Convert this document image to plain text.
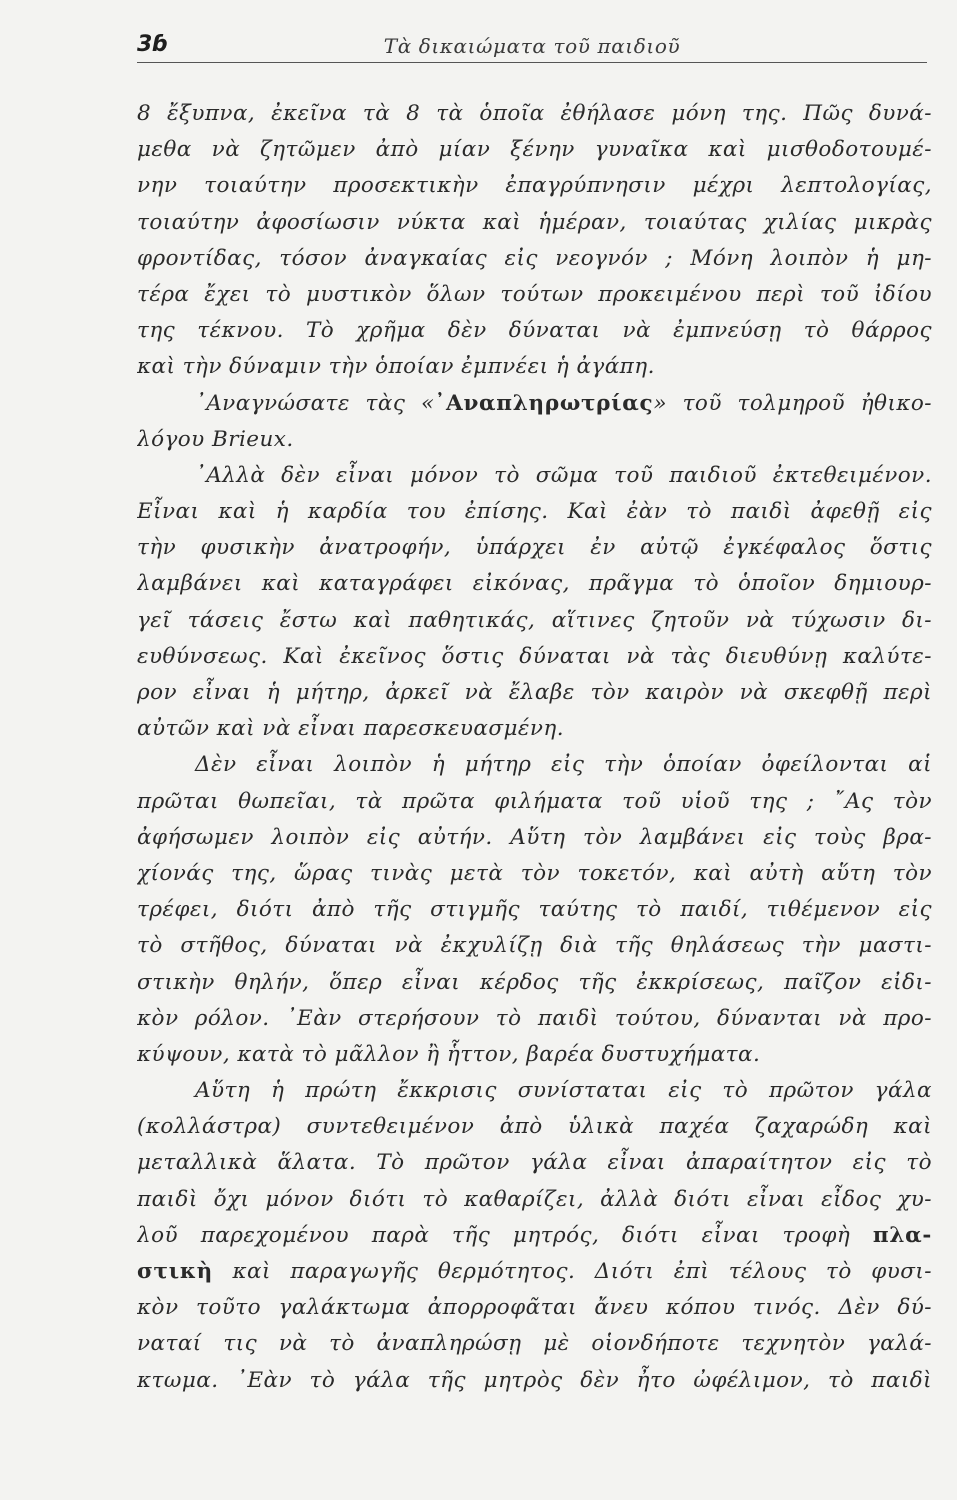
3ɓ	Τὰ δικαιώματα τοῦ παιδιοῦ
8 ἔξυπνα, ἐκεῖνα τὰ 8 τὰ ὁποῖα ἐθήλασε μόνη της. Πῶς δυνά-
μεθα νὰ ζητῶμεν ἀπὸ μίαν ξένην γυναῖκα καὶ μισθοδοτουμέ-
νην τοιαύτην προσεκτικὴν ἐπαγρύπνησιν μέχρι λεπτολογίας,
τοιαύτην ἀφοσίωσιν νύκτα καὶ ἡμέραν, τοιαύτας χιλίας μικρὰς
φροντίδας, τόσον ἀναγκαίας εἰς νεογνόν ; Μόνη λοιπὸν ἡ μη-
τέρα ἔχει τὸ μυστικὸν ὅλων τούτων προκειμένου περὶ τοῦ ἰδίου
της τέκνου. Τὸ χρῆμα δὲν δύναται νὰ ἐμπνεύσῃ τὸ θάρρος
καὶ τὴν δύναμιν τὴν ὁποίαν ἐμπνέει ἡ ἀγάπη.
᾿Αναγνώσατε τὰς «᾿Αναπληρωτρίας» τοῦ τολμηροῦ ἠθικο-
λόγου Brieux.
᾿Αλλὰ δὲν εἶναι μόνον τὸ σῶμα τοῦ παιδιοῦ ἐκτεθειμένον.
Εἶναι καὶ ἡ καρδία του ἐπίσης. Καὶ ἐὰν τὸ παιδὶ ἀφεθῇ εἰς
τὴν φυσικὴν ἀνατροφήν, ὑπάρχει ἐν αὐτῷ ἐγκέφαλος ὅστις
λαμβάνει καὶ καταγράφει εἰκόνας, πρᾶγμα τὸ ὁποῖον δημιουρ-
γεῖ τάσεις ἔστω καὶ παθητικάς, αἵτινες ζητοῦν νὰ τύχωσιν δι-
ευθύνσεως. Καὶ ἐκεῖνος ὅστις δύναται νὰ τὰς διευθύνῃ καλύτε-
ρον εἶναι ἡ μήτηρ, ἀρκεῖ νὰ ἔλαβε τὸν καιρὸν νὰ σκεφθῇ περὶ
αὐτῶν καὶ νὰ εἶναι παρεσκευασμένη.
Δὲν εἶναι λοιπὸν ἡ μήτηρ εἰς τὴν ὁποίαν ὀφείλονται αἱ
πρῶται θωπεῖαι, τὰ πρῶτα φιλήματα τοῦ υἱοῦ της ; ῎Ας τὸν
ἀφήσωμεν λοιπὸν εἰς αὐτήν. Αὕτη τὸν λαμβάνει εἰς τοὺς βρα-
χίονάς της, ὥρας τινὰς μετὰ τὸν τοκετόν, καὶ αὐτὴ αὕτη τὸν
τρέφει, διότι ἀπὸ τῆς στιγμῆς ταύτης τὸ παιδί, τιθέμενον εἰς
τὸ στῆθος, δύναται νὰ ἐκχυλίζῃ διὰ τῆς θηλάσεως τὴν μαστι-
στικὴν θηλήν, ὅπερ εἶναι κέρδος τῆς ἐκκρίσεως, παῖζον εἰδι-
κὸν ρόλον. ᾿Εὰν στερήσουν τὸ παιδὶ τούτου, δύνανται νὰ προ-
κύψουν, κατὰ τὸ μᾶλλον ἢ ἧττον, βαρέα δυστυχήματα.
Αὕτη ἡ πρώτη ἔκκρισις συνίσταται εἰς τὸ πρῶτον γάλα
(κολλάστρα) συντεθειμένον ἀπὸ ὑλικὰ παχέα ζαχαρώδη καὶ
μεταλλικὰ ἅλατα. Τὸ πρῶτον γάλα εἶναι ἀπαραίτητον εἰς τὸ
παιδὶ ὄχι μόνον διότι τὸ καθαρίζει, ἀλλὰ διότι εἶναι εἶδος χυ-
λοῦ παρεχομένου παρὰ τῆς μητρός, διότι εἶναι τροφὴ πλα-
στικὴ καὶ παραγωγῆς θερμότητος. Διότι ἐπὶ τέλους τὸ φυσι-
κὸν τοῦτο γαλάκτωμα ἀπορροφᾶται ἄνευ κόπου τινός. Δὲν δύ-
ναταί τις νὰ τὸ ἀναπληρώσῃ μὲ οἱονδήποτε τεχνητὸν γαλά-
κτωμα. ᾿Εὰν τὸ γάλα τῆς μητρὸς δὲν ἦτο ὠφέλιμον, τὸ παιδὶ
